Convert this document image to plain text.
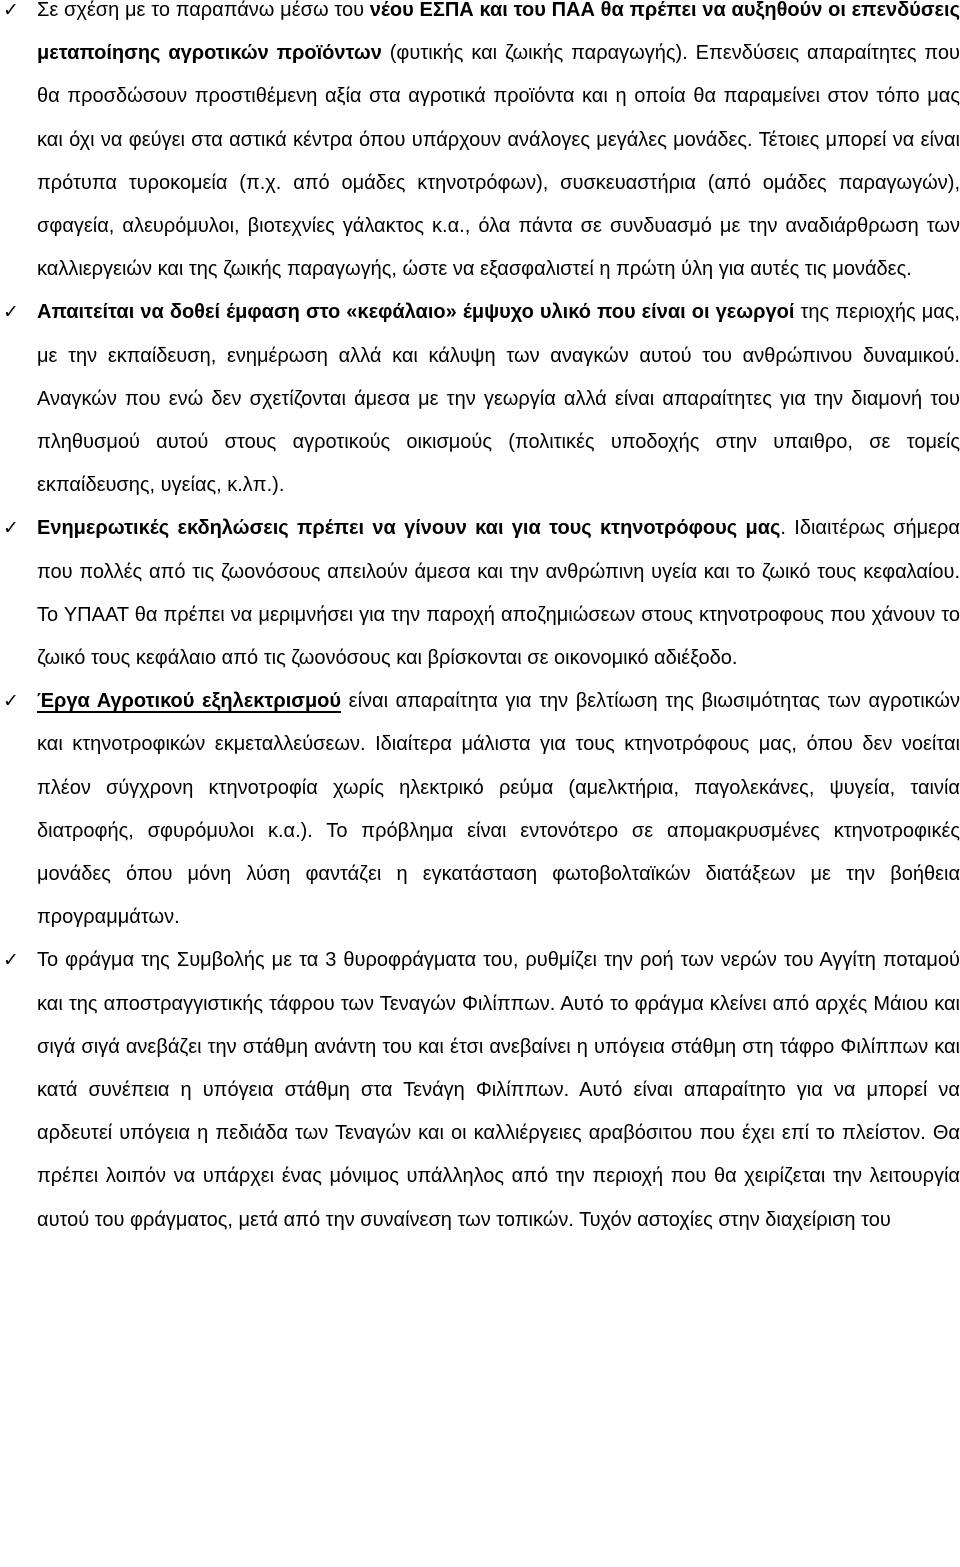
✓ Σε σχέση με το παραπάνω μέσω του νέου ΕΣΠΑ και του ΠΑΑ θα πρέπει να αυξηθούν οι επενδύσεις μεταποίησης αγροτικών προϊόντων (φυτικής και ζωικής παραγωγής). Επενδύσεις απαραίτητες που θα προσδώσουν προστιθέμενη αξία στα αγροτικά προϊόντα και η οποία θα παραμείνει στον τόπο μας και όχι να φεύγει στα αστικά κέντρα όπου υπάρχουν ανάλογες μεγάλες μονάδες. Τέτοιες μπορεί να είναι πρότυπα τυροκομεία (π.χ. από ομάδες κτηνοτρόφων), συσκευαστήρια (από ομάδες παραγωγών), σφαγεία, αλευρόμυλοι, βιοτεχνίες γάλακτος κ.α., όλα πάντα σε συνδυασμό με την αναδιάρθρωση των καλλιεργειών και της ζωικής παραγωγής, ώστε να εξασφαλιστεί η πρώτη ύλη για αυτές τις μονάδες.
✓ Απαιτείται να δοθεί έμφαση στο «κεφάλαιο» έμψυχο υλικό που είναι οι γεωργοί της περιοχής μας, με την εκπαίδευση, ενημέρωση αλλά και κάλυψη των αναγκών αυτού του ανθρώπινου δυναμικού. Αναγκών που ενώ δεν σχετίζονται άμεσα με την γεωργία αλλά είναι απαραίτητες για την διαμονή του πληθυσμού αυτού στους αγροτικούς οικισμούς (πολιτικές υποδοχής στην υπαιθρο, σε τομείς εκπαίδευσης, υγείας, κ.λπ.).
✓ Ενημερωτικές εκδηλώσεις πρέπει να γίνουν και για τους κτηνοτρόφους μας. Ιδιαιτέρως σήμερα που πολλές από τις ζωονόσους απειλούν άμεσα και την ανθρώπινη υγεία και το ζωικό τους κεφαλαίου. Το ΥΠΑΑΤ θα πρέπει να μεριμνήσει για την παροχή αποζημιώσεων στους κτηνοτροφους που χάνουν το ζωικό τους κεφάλαιο από τις ζωονόσους και βρίσκονται σε οικονομικό αδιέξοδο.
✓ Έργα Αγροτικού εξηλεκτρισμού είναι απαραίτητα για την βελτίωση της βιωσιμότητας των αγροτικών και κτηνοτροφικών εκμεταλλεύσεων. Ιδιαίτερα μάλιστα για τους κτηνοτρόφους μας, όπου δεν νοείται πλέον σύγχρονη κτηνοτροφία χωρίς ηλεκτρικό ρεύμα (αμελκτήρια, παγολεκάνες, ψυγεία, ταινία διατροφής, σφυρόμυλοι κ.α.). Το πρόβλημα είναι εντονότερο σε απομακρυσμένες κτηνοτροφικές μονάδες όπου μόνη λύση φαντάζει η εγκατάσταση φωτοβολταϊκών διατάξεων με την βοήθεια προγραμμάτων.
✓ Το φράγμα της Συμβολής με τα 3 θυροφράγματα του, ρυθμίζει την ροή των νερών του Αγγίτη ποταμού και της αποστραγγιστικής τάφρου των Τεναγών Φιλίππων. Αυτό το φράγμα κλείνει από αρχές Μάιου και σιγά σιγά ανεβάζει την στάθμη ανάντη του και έτσι ανεβαίνει η υπόγεια στάθμη στη τάφρο Φιλίππων και κατά συνέπεια η υπόγεια στάθμη στα Τενάγη Φιλίππων. Αυτό είναι απαραίτητο για να μπορεί να αρδευτεί υπόγεια η πεδιάδα των Τεναγών και οι καλλιέργειες αραβόσιτου που έχει επί το πλείστον. Θα πρέπει λοιπόν να υπάρχει ένας μόνιμος υπάλληλος από την περιοχή που θα χειρίζεται την λειτουργία αυτού του φράγματος, μετά από την συναίνεση των τοπικών. Τυχόν αστοχίες στην διαχείριση του
